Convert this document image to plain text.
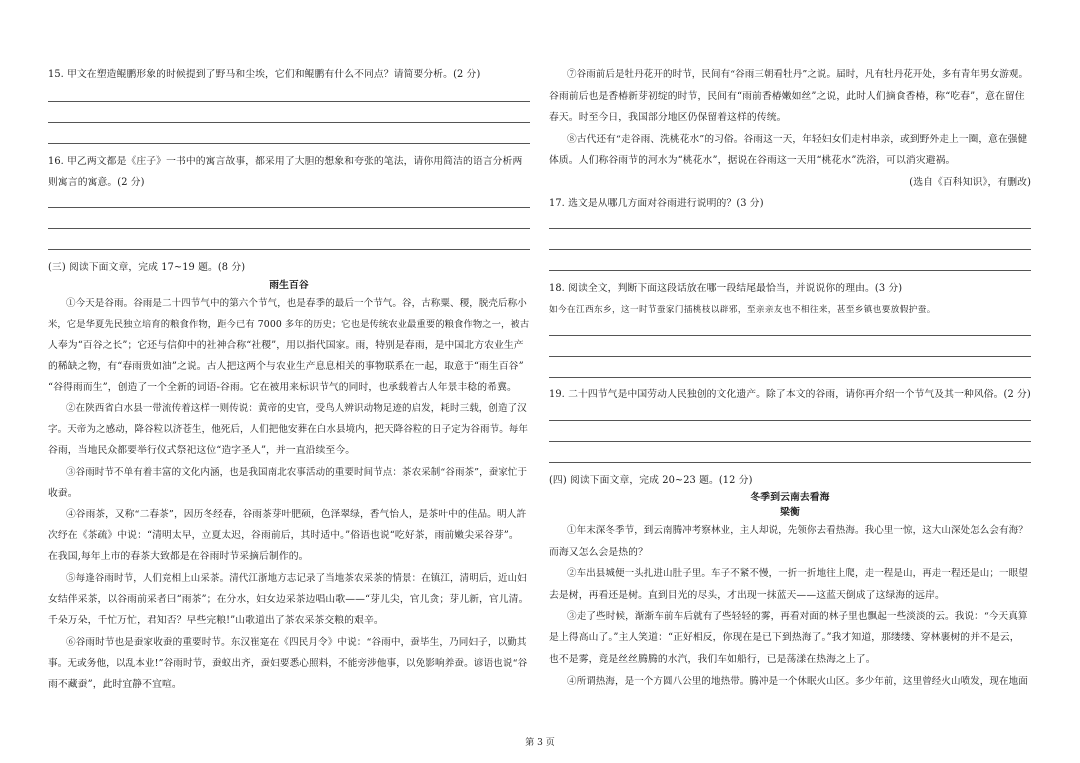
15. 甲文在塑造鲲鹏形象的时候提到了野马和尘埃，它们和鲲鹏有什么不同点？请简要分析。(2 分)
16. 甲乙两文都是《庄子》一书中的寓言故事，都采用了大胆的想象和夸张的笔法，请你用简洁的语言分析两
则寓言的寓意。(2 分)
(三) 阅读下面文章，完成 17~19 题。(8 分)
雨生百谷
①今天是谷雨。谷雨是二十四节气中的第六个节气，也是春季的最后一个节气。谷，古称粟、稷，脱壳后称小
米，它是华夏先民独立培育的粮食作物，距今已有 7000 多年的历史；它也是传统农业最重要的粮食作物之一，被古
人奉为“百谷之长”；它还与信仰中的社神合称“社稷”，用以指代国家。雨，特别是春雨，是中国北方农业生产
的稀缺之物，有“春雨贵如油”之说。古人把这两个与农业生产息息相关的事物联系在一起，取意于“雨生百谷”
“谷得雨而生”，创造了一个全新的词语-谷雨。它在被用来标识节气的同时，也承载着古人年景丰稔的希冀。
②在陕西省白水县一带流传着这样一则传说：黄帝的史官，受鸟人辨识动物足迹的启发，耗时三载，创造了汉
字。天帝为之感动，降谷粒以济苍生，他死后，人们把他安葬在白水县境内，把天降谷粒的日子定为谷雨节。每年
谷雨，当地民众都要举行仪式祭祀这位“造字圣人”，并一直沿续至今。
③谷雨时节不单有着丰富的文化内涵，也是我国南北农事活动的重要时间节点：茶农采制“谷雨茶”，蚕家忙于
收蚕。
④谷雨茶，又称“二春茶”，因历冬经春，谷雨茶芽叶肥硕，色泽翠绿，香气怡人，是茶叶中的佳品。明人許
次纾在《茶疏》中说：“清明太早，立夏太迟，谷雨前后，其时适中。”俗语也说“吃好茶，雨前嫩尖采谷芽”。
在我国,每年上市的春茶大致都是在谷雨时节采摘后制作的。
⑤每逢谷雨时节，人们竞相上山采茶。清代江浙地方志记录了当地茶农采茶的情景：在镇江，清明后，近山妇
女结伴采茶，以谷雨前采者曰“雨茶”；在分水，妇女边采茶边唱山歌——“芽儿尖，官儿贪；芽儿新，官儿清。
千朵万朵，千忙万忙，君知否？早些完粮!”山歌道出了茶农采茶交粮的艰辛。
⑥谷雨时节也是蚕家收蚕的重要时节。东汉崔寔在《四民月令》中说：“谷雨中，蚕毕生，乃同妇子，以勤其
事。无或务他，以乱本业!”谷雨时节，蚕蚁出齐，蚕妇要悉心照料，不能旁涉他事，以免影响养蚕。谚语也说“谷
雨不藏蚕”，此时宜静不宜喧。
⑦谷雨前后是牡丹花开的时节，民间有“谷雨三朝看牡丹”之说。届时，凡有牡丹花开处，多有青年男女游观。
谷雨前后也是香椿新芽初绽的时节，民间有“雨前香椿嫩如丝”之说，此时人们摘食香椿，称“吃春”，意在留住
春天。时至今日，我国部分地区仍保留着这样的传统。
⑧古代还有“走谷雨、洗桃花水”的习俗。谷雨这一天，年轻妇女们走村串亲，或到野外走上一圈，意在强健
体质。人们称谷雨节的河水为“桃花水”，据说在谷雨这一天用“桃花水”洗浴，可以消灾避祸。
(选自《百科知识》，有删改)
17. 选文是从哪几方面对谷雨进行说明的？(3 分)
18. 阅读全文，判断下面这段话放在哪一段结尾最恰当，并说说你的理由。(3 分)
如今在江西东乡，这一时节蚕家门插桃枝以辟邪，至亲亲友也不相往来，甚至乡镇也要放假护蚕。
19. 二十四节气是中国劳动人民独创的文化遗产。除了本文的谷雨，请你再介绍一个节气及其一种风俗。(2 分)
(四) 阅读下面文章，完成 20~23 题。(12 分)
冬季到云南去看海
梁衡
①年末深冬季节，到云南腾冲考察林业，主人却说，先领你去看热海。我心里一惊，这大山深处怎么会有海？
而海又怎么会是热的？
②车出县城便一头扎进山肚子里。车子不紧不慢，一折一折地往上爬，走一程是山，再走一程还是山；一眼望
去是树，再看还是树。直到目光的尽头，才出现一抹蓝天——这蓝天倒成了这绿海的远岸。
③走了些时候，渐渐车前车后就有了些轻轻的雾，再看对面的林子里也飘起一些淡淡的云。我说：“今天真算
是上得高山了。”主人笑道：“正好相反，你现在是已下到热海了。”我才知道，那缕缕、穿林裹树的并不是云，
也不是雾，竟是丝丝腾腾的水汽，我们车如船行，已是荡漾在热海之上了。
④所谓热海，是一个方圆八公里的地热带。腾冲是一个休眠火山区。多少年前，这里曾经火山喷发，现在地面
第 3 页
